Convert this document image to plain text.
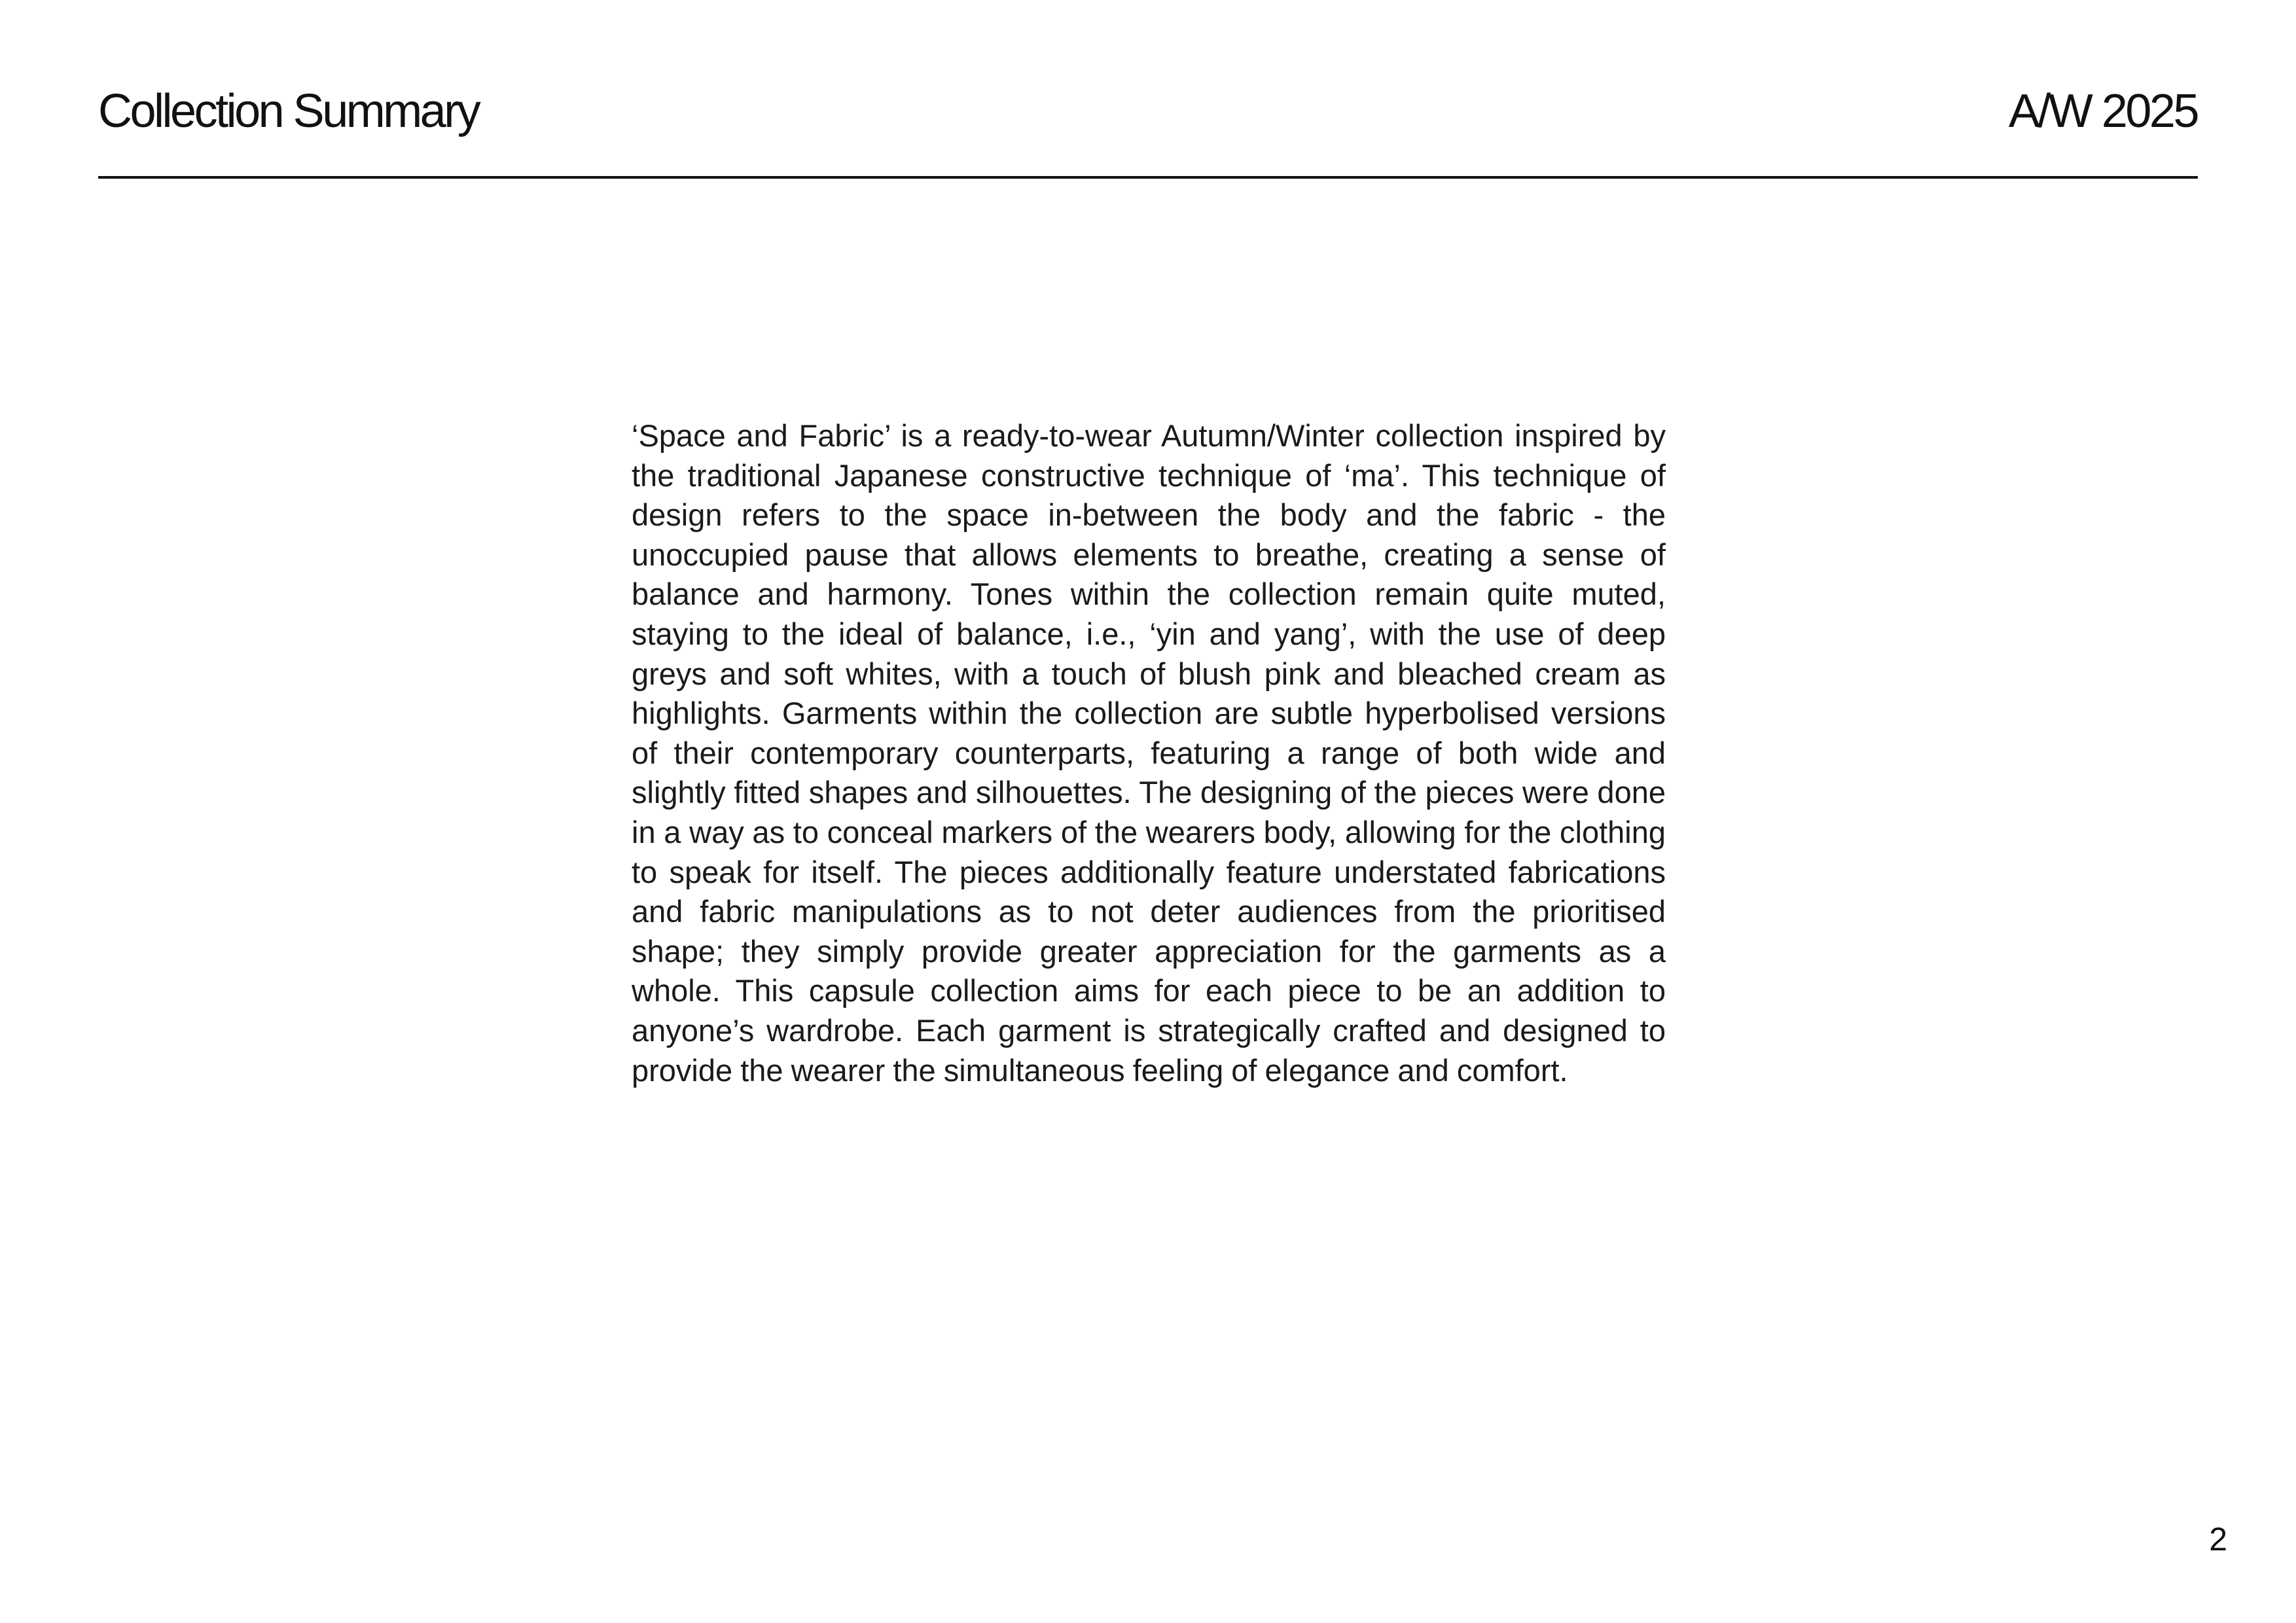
Collection Summary	A/W 2025

‘Space and Fabric’ is a ready-to-wear Autumn/Winter collection inspired by the traditional Japanese constructive technique of ‘ma’. This technique of design refers to the space in-between the body and the fabric - the unoccupied pause that allows elements to breathe, creating a sense of balance and harmony. Tones within the collection remain quite muted, staying to the ideal of balance, i.e., ‘yin and yang’, with the use of deep greys and soft whites, with a touch of blush pink and bleached cream as highlights. Garments within the collection are subtle hyperbolised versions of their contemporary counterparts, featuring a range of both wide and slightly fitted shapes and silhouettes. The designing of the pieces were done in a way as to conceal markers of the wearers body, allowing for the clothing to speak for itself. The pieces additionally feature understated fabrications and fabric manipulations as to not deter audiences from the prioritised shape; they simply provide greater appreciation for the garments as a whole. This capsule collection aims for each piece to be an addition to anyone’s wardrobe. Each garment is strategically crafted and designed to provide the wearer the simultaneous feeling of elegance and comfort.

2
